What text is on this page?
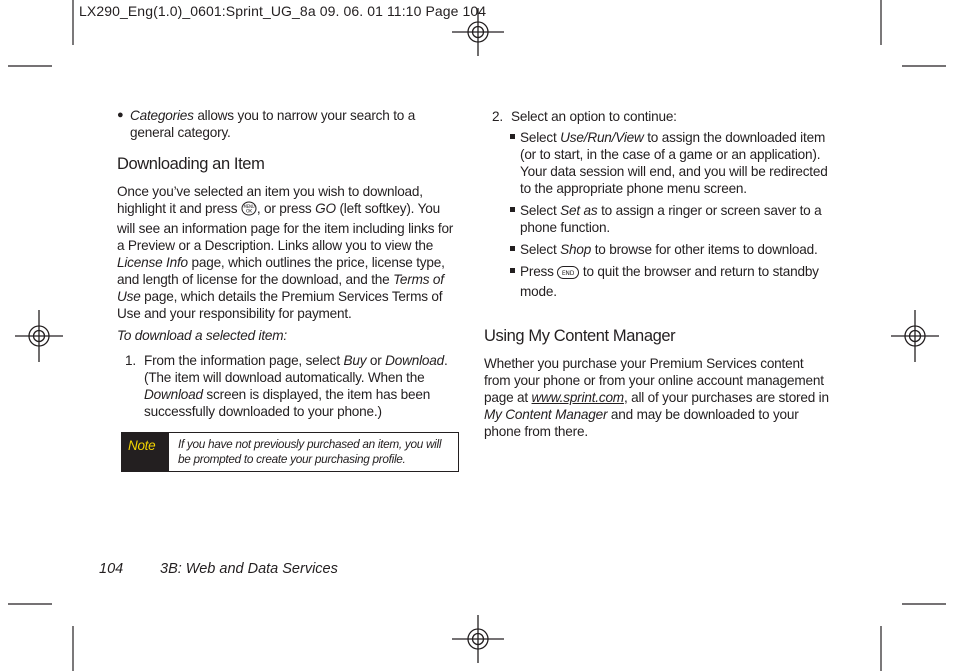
LX290_Eng(1.0)_0601:Sprint_UG_8a 09. 06. 01 11:10 Page 104
● Categories allows you to narrow your search to a general category.

Downloading an Item

Once you’ve selected an item you wish to download, highlight it and press MENU
OK , or press GO (left softkey). You will see an information page for the item including links for a Preview or a Description. Links allow you to view the License Info page, which outlines the price, license type, and length of license for the download, and the Terms of Use page, which details the Premium Services Terms of Use and your responsibility for payment.

To download a selected item:

1. From the information page, select Buy or Download. (The item will download automatically. When the Download screen is displayed, the item has been successfully downloaded to your phone.)

Note	If you have not previously purchased an item, you will be prompted to create your purchasing profile.
2. Select an option to continue:

Select Use/Run/View to assign the downloaded item (or to start, in the case of a game or an application). Your data session will end, and you will be redirected to the appropriate phone menu screen.

Select Set as to assign a ringer or screen saver to a phone function.

Select Shop to browse for other items to download.

Press END to quit the browser and return to standby mode.

Using My Content Manager

Whether you purchase your Premium Services content from your phone or from your online account management page at www.sprint.com, all of your purchases are stored in My Content Manager and may be downloaded to your phone from there.

104	3B: Web and Data Services
